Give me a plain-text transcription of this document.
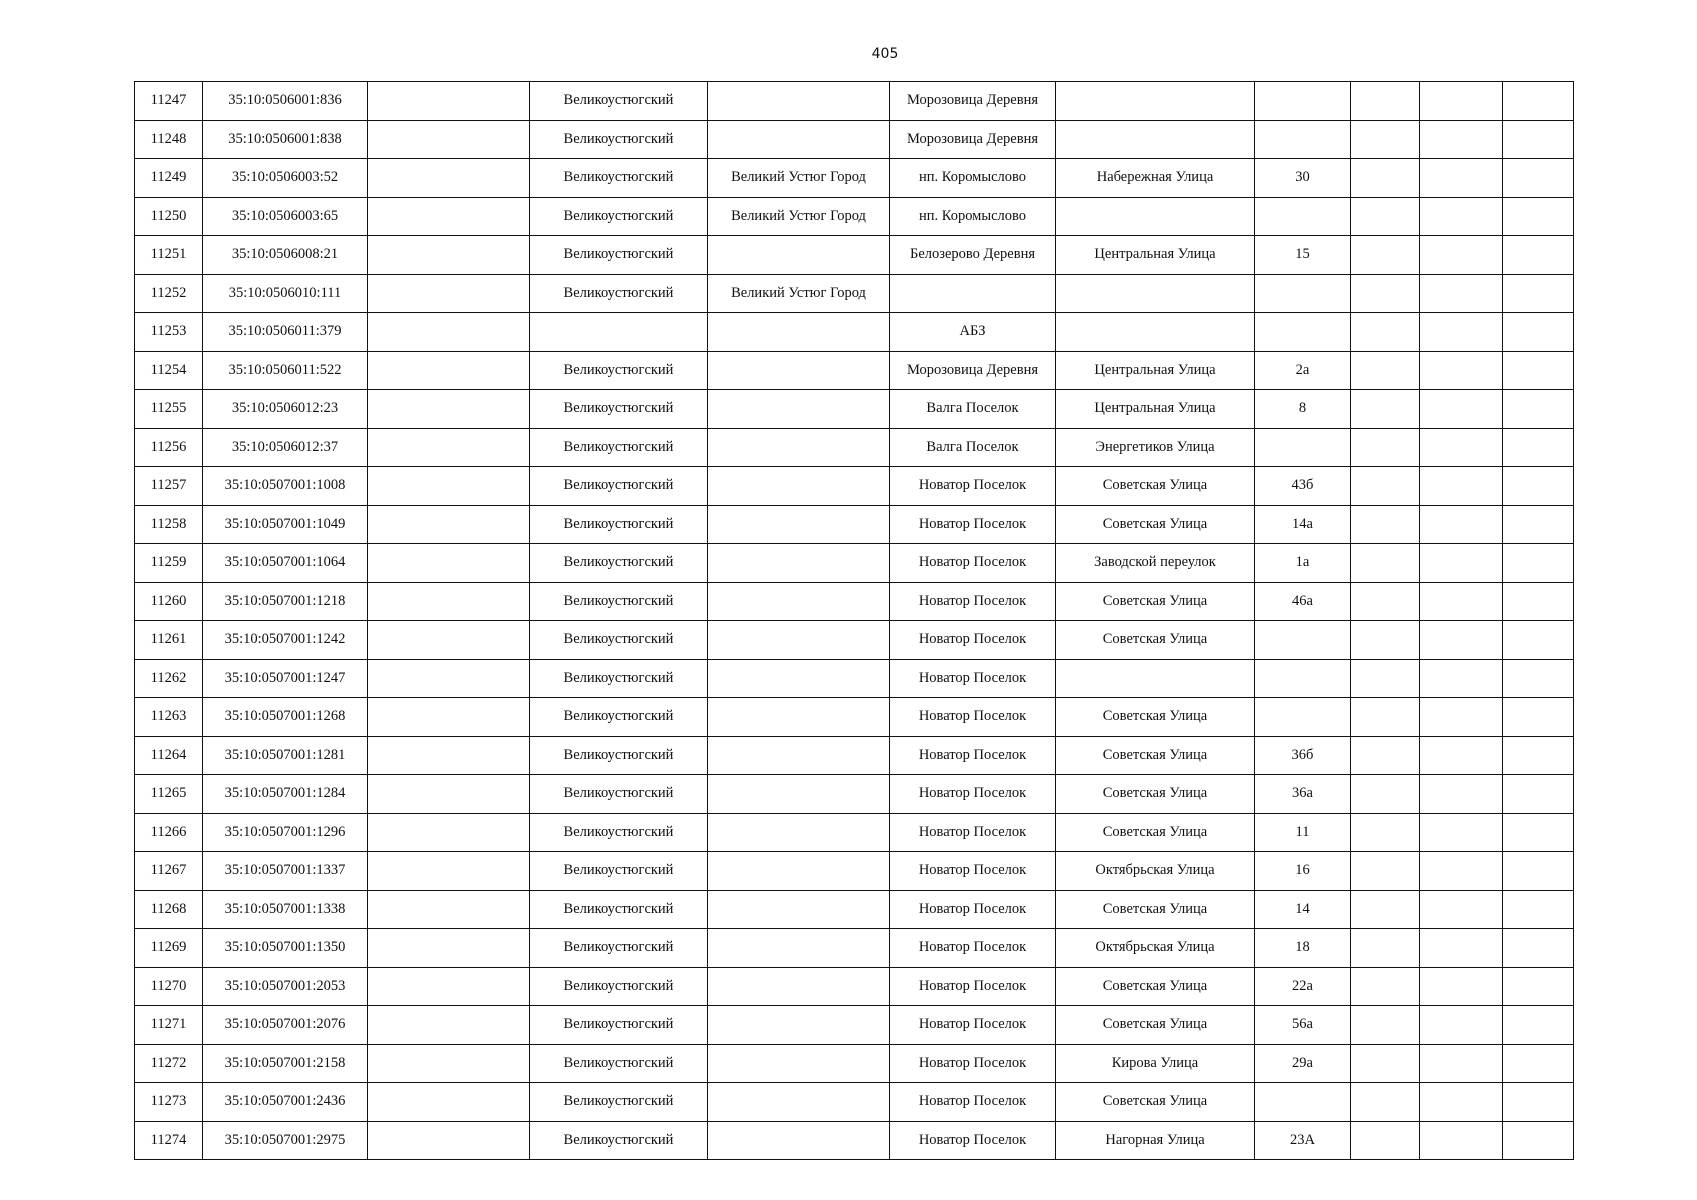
405
11247	35:10:0506001:836		Великоустюгский		Морозовица Деревня					
11248	35:10:0506001:838		Великоустюгский		Морозовица Деревня					
11249	35:10:0506003:52		Великоустюгский	Великий Устюг Город	нп. Коромыслово	Набережная Улица	30			
11250	35:10:0506003:65		Великоустюгский	Великий Устюг Город	нп. Коромыслово					
11251	35:10:0506008:21		Великоустюгский		Белозерово Деревня	Центральная Улица	15			
11252	35:10:0506010:111		Великоустюгский	Великий Устюг Город						
11253	35:10:0506011:379				АБЗ					
11254	35:10:0506011:522		Великоустюгский		Морозовица Деревня	Центральная Улица	2а			
11255	35:10:0506012:23		Великоустюгский		Валга Поселок	Центральная Улица	8			
11256	35:10:0506012:37		Великоустюгский		Валга Поселок	Энергетиков Улица				
11257	35:10:0507001:1008		Великоустюгский		Новатор Поселок	Советская Улица	43б			
11258	35:10:0507001:1049		Великоустюгский		Новатор Поселок	Советская Улица	14а			
11259	35:10:0507001:1064		Великоустюгский		Новатор Поселок	Заводской переулок	1а			
11260	35:10:0507001:1218		Великоустюгский		Новатор Поселок	Советская Улица	46а			
11261	35:10:0507001:1242		Великоустюгский		Новатор Поселок	Советская Улица				
11262	35:10:0507001:1247		Великоустюгский		Новатор Поселок					
11263	35:10:0507001:1268		Великоустюгский		Новатор Поселок	Советская Улица				
11264	35:10:0507001:1281		Великоустюгский		Новатор Поселок	Советская Улица	36б			
11265	35:10:0507001:1284		Великоустюгский		Новатор Поселок	Советская Улица	36а			
11266	35:10:0507001:1296		Великоустюгский		Новатор Поселок	Советская Улица	11			
11267	35:10:0507001:1337		Великоустюгский		Новатор Поселок	Октябрьская Улица	16			
11268	35:10:0507001:1338		Великоустюгский		Новатор Поселок	Советская Улица	14			
11269	35:10:0507001:1350		Великоустюгский		Новатор Поселок	Октябрьская Улица	18			
11270	35:10:0507001:2053		Великоустюгский		Новатор Поселок	Советская Улица	22а			
11271	35:10:0507001:2076		Великоустюгский		Новатор Поселок	Советская Улица	56а			
11272	35:10:0507001:2158		Великоустюгский		Новатор Поселок	Кирова Улица	29а			
11273	35:10:0507001:2436		Великоустюгский		Новатор Поселок	Советская Улица				
11274	35:10:0507001:2975		Великоустюгский		Новатор Поселок	Нагорная Улица	23А			
